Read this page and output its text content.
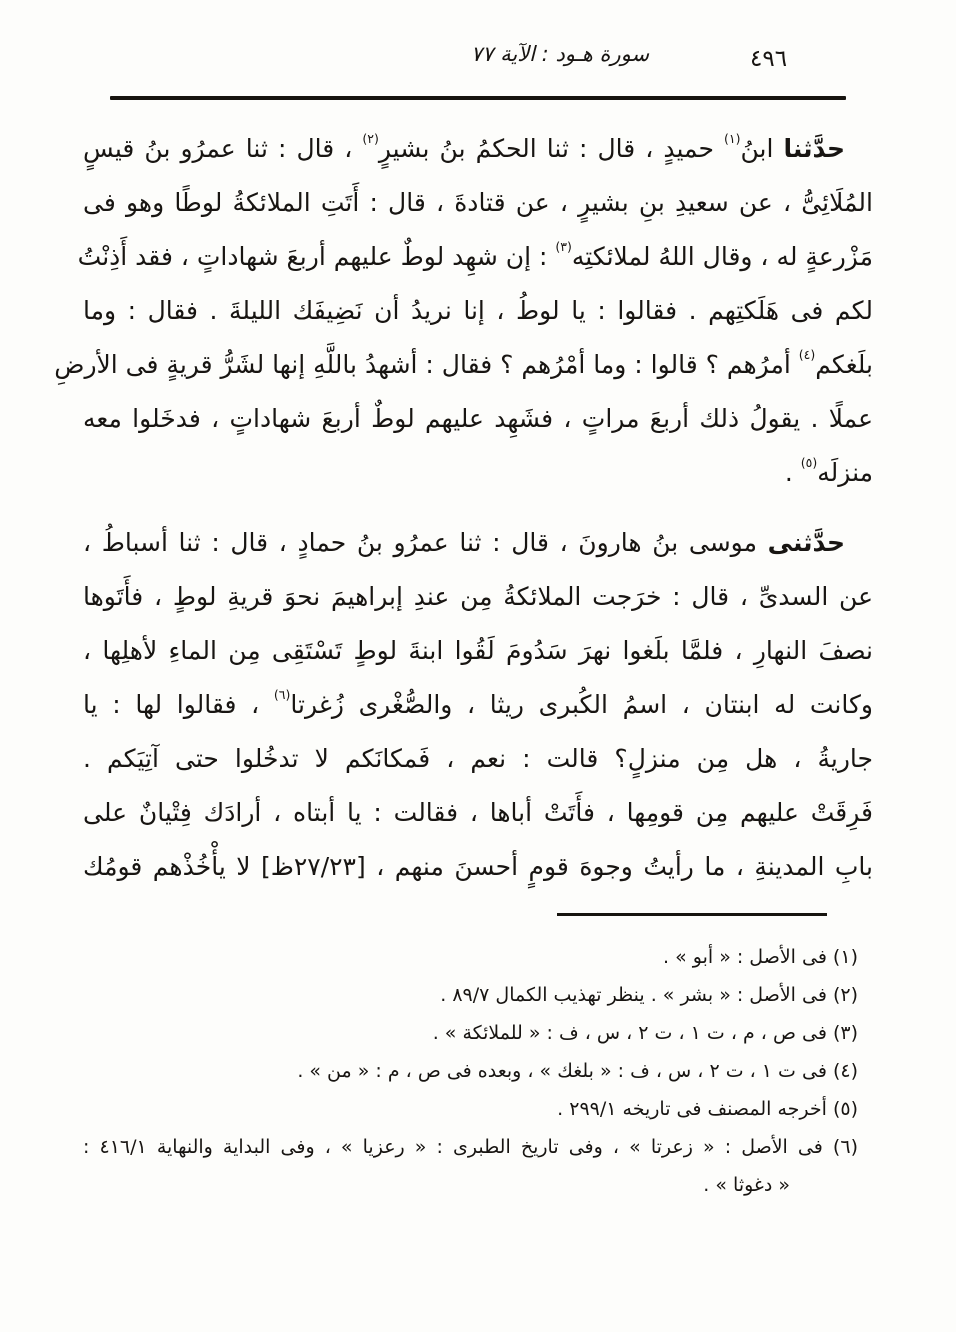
٤٩٦
سورة هـود : الآية ٧٧
حدَّثنا ابنُ$^{(١)}$ حميدٍ ، قال : ثنا الحكمُ بنُ بشيرٍ$^{(٢)}$ ، قال : ثنا عمرُو بنُ قيسٍ
المُلَائِىُّ ، عن سعيدِ بنِ بشيرٍ ، عن قتادةَ ، قال : أَتَتِ الملائكةُ لوطًا وهو فى
مَزْرعةٍ له ، وقال اللهُ لملائكتِه$^{(٣)}$ : إن شهِد لوطٌ عليهم أربعَ شهاداتٍ ، فقد أَذِنْتُ
لكم فى هَلَكتِهم . فقالوا : يا لوطُ ، إنا نريدُ أن نَضِيفَك الليلةَ . فقال : وما
بلَغكم$^{(٤)}$ أمرُهم ؟ قالوا : وما أمْرُهم ؟ فقال : أشهدُ باللَّهِ إنها لشَرُّ قريةٍ فى الأرضِ
عملًا . يقولُ ذلك أربعَ مراتٍ ، فشَهِد عليهم لوطٌ أربعَ شهاداتٍ ، فدخَلوا معه
منزلَه$^{(٥)}$ .
حدَّثنى موسى بنُ هارونَ ، قال : ثنا عمرُو بنُ حمادٍ ، قال : ثنا أسباطُ ،
عن السدىِّ ، قال : خرَجت الملائكةُ مِن عندِ إبراهيمَ نحوَ قريةِ لوطٍ ، فأَتَوها
نصفَ النهارِ ، فلمَّا بلَغوا نهرَ سَدُومَ لَقُوا ابنةَ لوطٍ تَسْتَقِى مِن الماءِ لأهلِها ،
وكانت له ابنتان ، اسمُ الكُبرى ريثا ، والصُّغْرى زُغرتا$^{(٦)}$ ، فقالوا لها : يا
جاريةُ ، هل مِن منزلٍ؟ قالت : نعم ، فَمكانَكم لا تدخُلوا حتى آتِيَكم .
فَرِقَتْ عليهم مِن قومِها ، فأَتَتْ أباها ، فقالت : يا أبتاه ، أرادَك فِتْيانٌ على
بابِ المدينةِ ، ما رأيتُ وجوهَ قومٍ أحسنَ منهم ، [٢٧/٢٣ظ] لا يأْخُذْهم قومُك
(١) فى الأصل : « أبو » .
(٢) فى الأصل : « بشر » . ينظر تهذيب الكمال ٨٩/٧ .
(٣) فى ص ، م ، ت ١ ، ت ٢ ، س ، ف : « للملائكة » .
(٤) فى ت ١ ، ت ٢ ، س ، ف : « بلغك » ، وبعده فى ص ، م : « من » .
(٥) أخرجه المصنف فى تاريخه ٢٩٩/١ .
(٦) فى الأصل : « زعرتا » ، وفى تاريخ الطبرى : « رعزيا » ، وفى البداية والنهاية ٤١٦/١ :
« دغوثا » .
